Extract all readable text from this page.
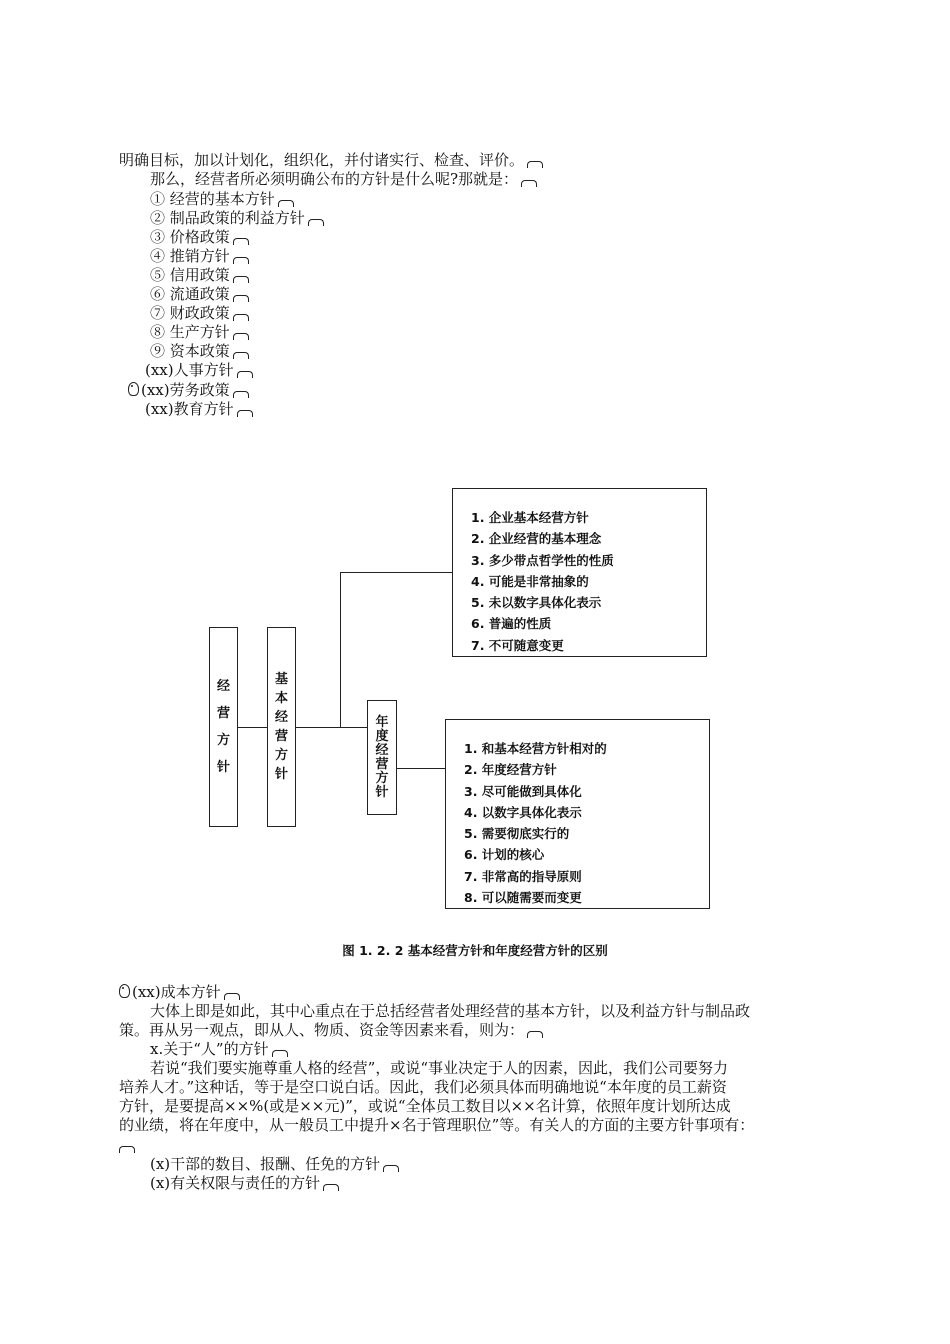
明确目标，加以计划化，组织化，并付诸实行、检查、评价。
那么，经营者所必须明确公布的方针是什么呢?那就是：
① 经营的基本方针
② 制品政策的利益方针
③ 价格政策
④ 推销方针
⑤ 信用政策
⑥ 流通政策
⑦ 财政政策
⑧ 生产方针
⑨ 资本政策
(xx)人事方针
(xx)劳务政策
(xx)教育方针
经
营
方
针
基
本
经
营
方
针
1. 企业基本经营方针
2. 企业经营的基本理念
3. 多少带点哲学性的性质
4. 可能是非常抽象的
5. 未以数字具体化表示
6. 普遍的性质
7. 不可随意变更
年
度
经
营
方
针
1. 和基本经营方针相对的
2. 年度经营方针
3. 尽可能做到具体化
4. 以数字具体化表示
5. 需要彻底实行的
6. 计划的核心
7. 非常高的指导原则
8. 可以随需要而变更
图 1. 2. 2 基本经营方针和年度经营方针的区别
(xx)成本方针
大体上即是如此，其中心重点在于总括经营者处理经营的基本方针，以及利益方针与制品政
策。再从另一观点，即从人、物质、资金等因素来看，则为：
x.关于“人”的方针
若说“我们要实施尊重人格的经营”，或说“事业决定于人的因素，因此，我们公司要努力
培养人才。”这种话，等于是空口说白话。因此，我们必须具体而明确地说“本年度的员工薪资
方针，是要提高××%(或是××元)”，或说“全体员工数目以××名计算，依照年度计划所达成
的业绩，将在年度中，从一般员工中提升×名于管理职位”等。有关人的方面的主要方针事项有：
(x)干部的数目、报酬、任免的方针
(x)有关权限与责任的方针
